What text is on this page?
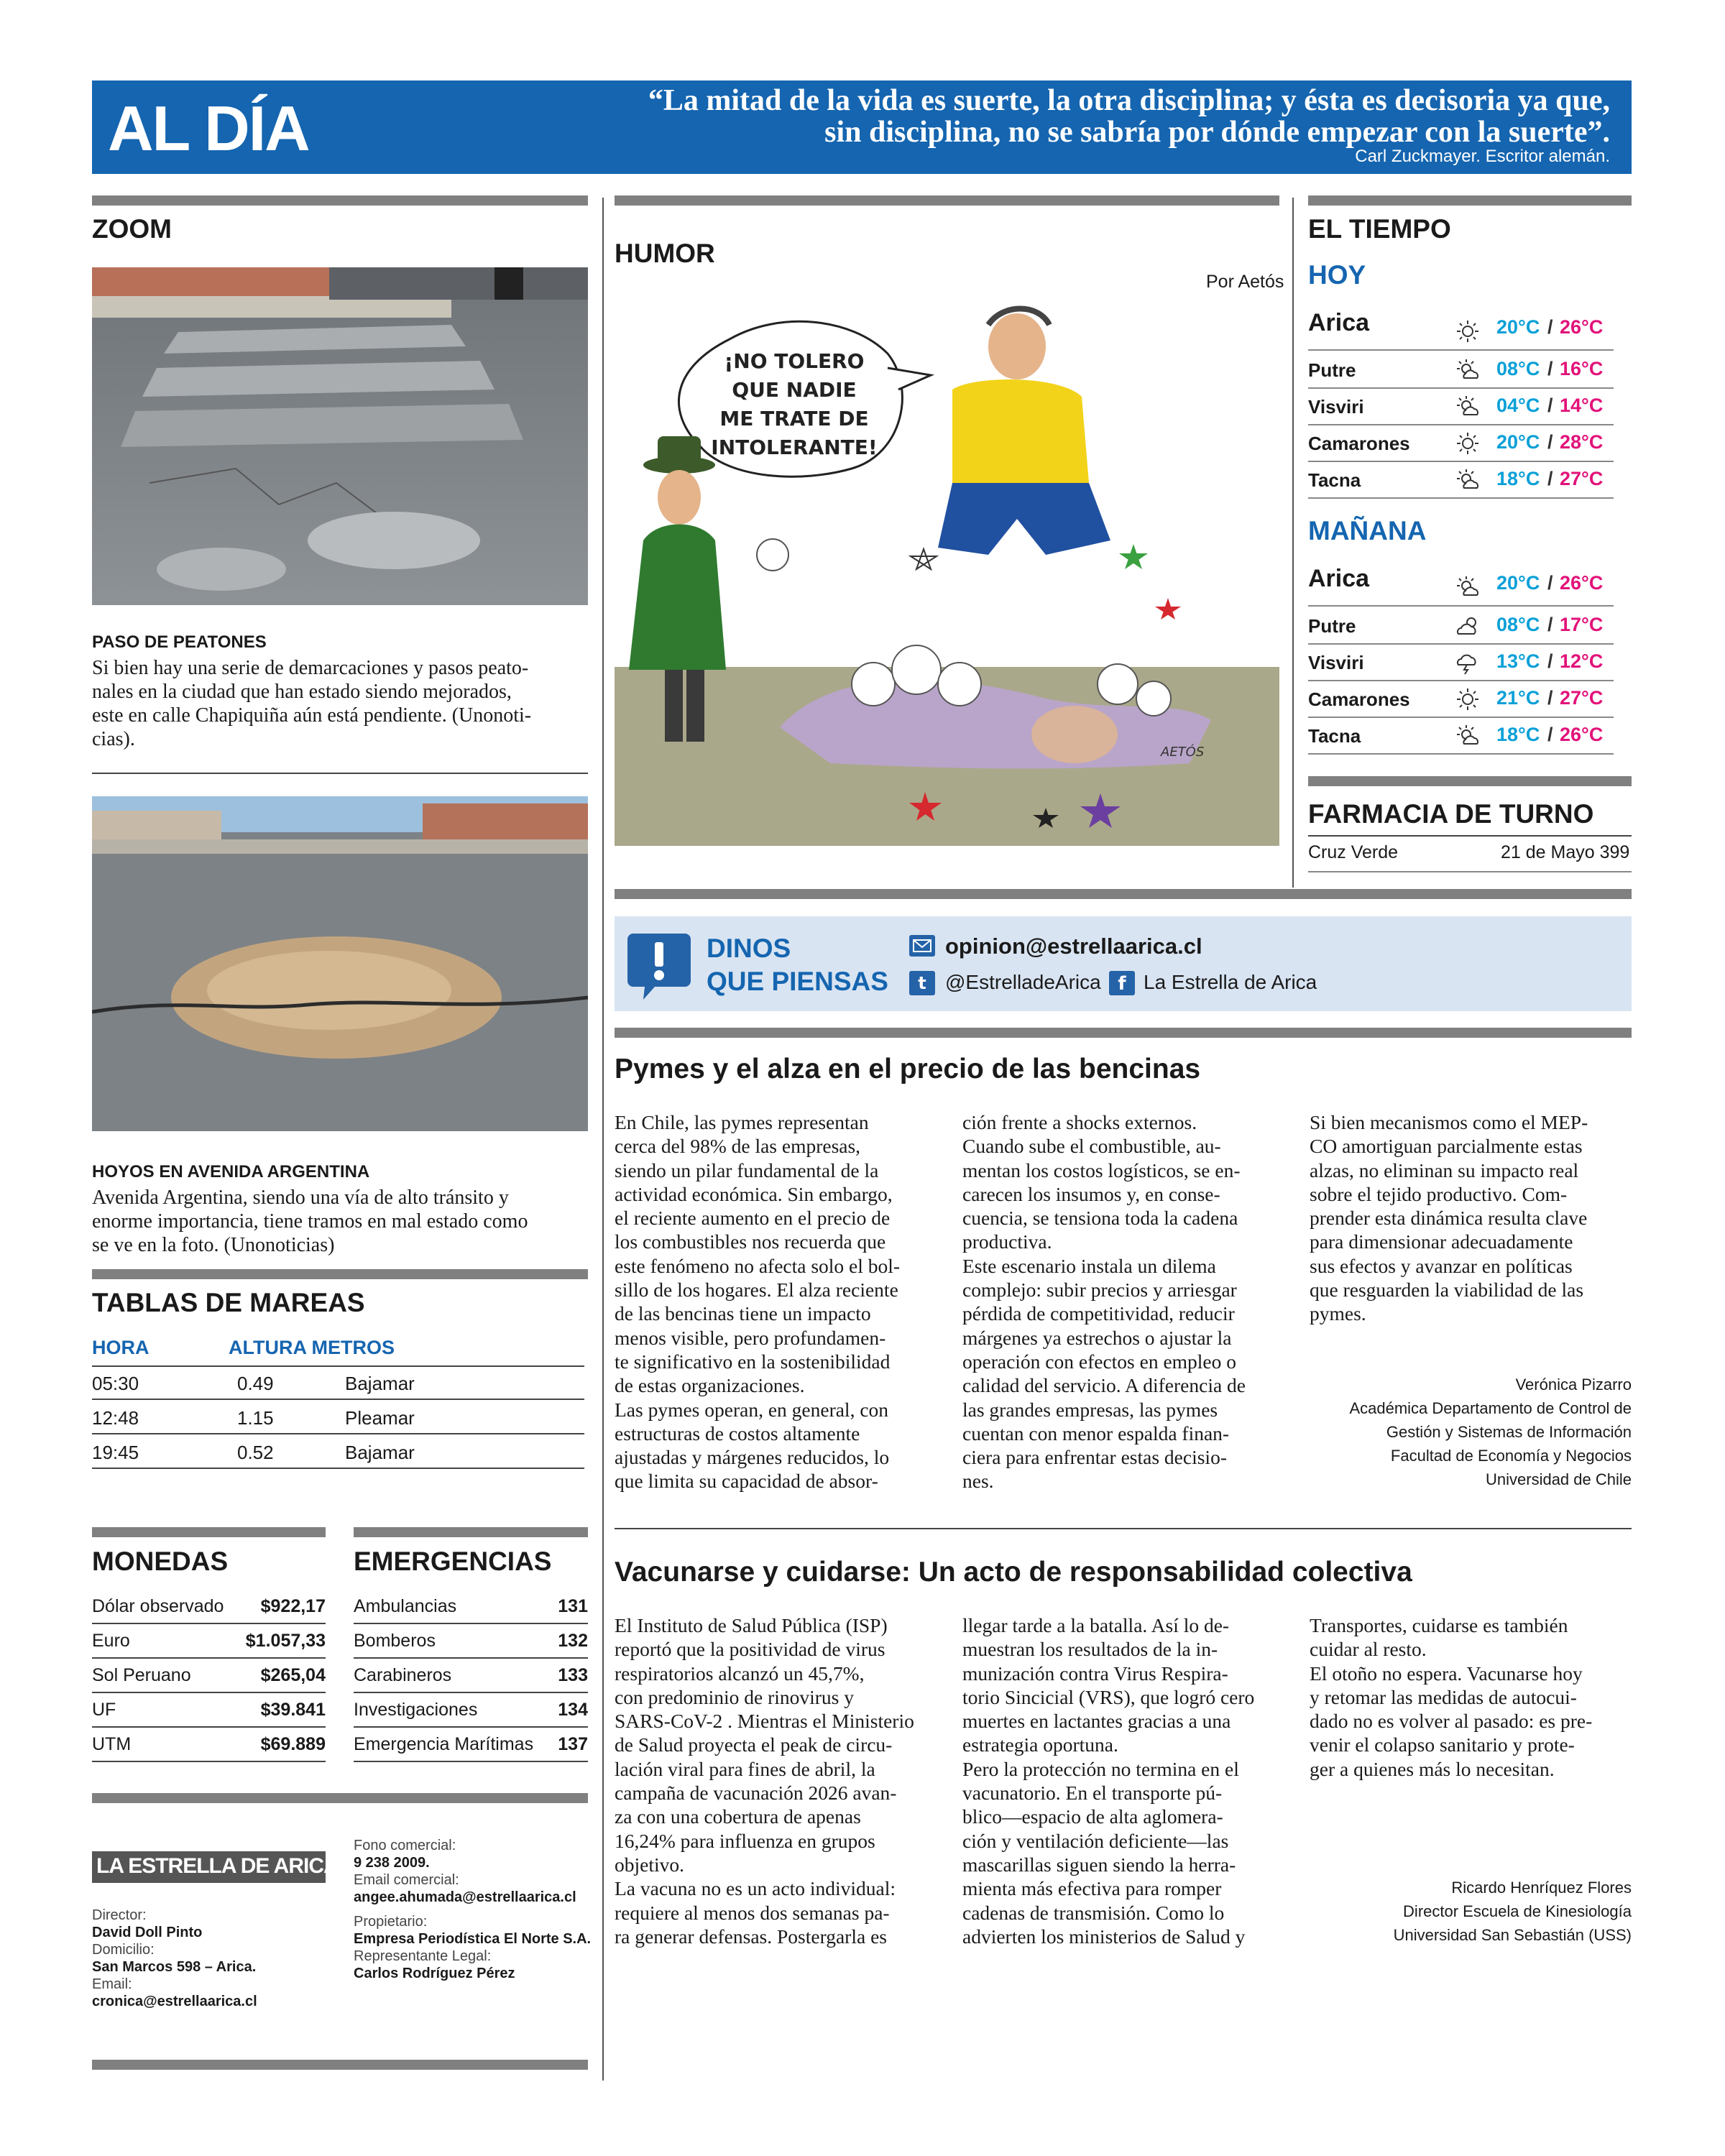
AL DÍA	“La mitad de la vida es suerte, la otra disciplina; y ésta es decisoria ya que,
sin disciplina, no se sabría por dónde empezar con la suerte”.
Carl Zuckmayer. Escritor alemán.
ZOOM
PASO DE PEATONES
Si bien hay una serie de demarcaciones y pasos peato-
nales en la ciudad que han estado siendo mejorados,
este en calle Chapiquiña aún está pendiente. (Unonoti-
cias).
HOYOS EN AVENIDA ARGENTINA
Avenida Argentina, siendo una vía de alto tránsito y
enorme importancia, tiene tramos en mal estado como
se ve en la foto. (Unonoticias)
TABLAS DE MAREAS
HORA	ALTURA METROS
05:30	0.49	Bajamar
12:48	1.15	Pleamar
19:45	0.52	Bajamar
MONEDAS
Dólar observado $922,17
Euro	$1.057,33
Sol Peruano	$265,04
UF	$39.841
UTM	$69.889
EMERGENCIAS
Ambulancias	131
Bomberos	132
Carabineros	133
Investigaciones	134
Emergencia Marítimas 137
LA ESTRELLA DE ARICA
Director:
David Doll Pinto
Domicilio:
San Marcos 598 – Arica.
Email:
cronica@estrellaarica.cl
Fono comercial:
9 238 2009.
Email comercial:
angee.ahumada@estrellaarica.cl
Propietario:
Empresa Periodística El Norte S.A.
Representante Legal:
Carlos Rodríguez Pérez
HUMOR
Por Aetós
¡NO TOLERO
QUE NADIE
ME TRATE DE
INTOLERANTE!
AETÓS
EL TIEMPO
HOY
Arica	20°C / 26°C
Putre	08°C / 16°C
Visviri	04°C / 14°C
Camarones	20°C / 28°C
Tacna	18°C / 27°C
MAÑANA
Arica	20°C / 26°C
Putre	08°C / 17°C
Visviri	13°C / 12°C
Camarones	21°C / 27°C
Tacna	18°C / 26°C
FARMACIA DE TURNO
Cruz Verde	21 de Mayo 399
DINOS
QUE PIENSAS
opinion@estrellaarica.cl
t @EstrelladeArica f La Estrella de Arica
Pymes y el alza en el precio de las bencinas
En Chile, las pymes representan
cerca del 98% de las empresas,
siendo un pilar fundamental de la
actividad económica. Sin embargo,
el reciente aumento en el precio de
los combustibles nos recuerda que
este fenómeno no afecta solo el bol-
sillo de los hogares. El alza reciente
de las bencinas tiene un impacto
menos visible, pero profundamen-
te significativo en la sostenibilidad
de estas organizaciones.
Las pymes operan, en general, con
estructuras de costos altamente
ajustadas y márgenes reducidos, lo
que limita su capacidad de absor-
ción frente a shocks externos.
Cuando sube el combustible, au-
mentan los costos logísticos, se en-
carecen los insumos y, en conse-
cuencia, se tensiona toda la cadena
productiva.
Este escenario instala un dilema
complejo: subir precios y arriesgar
pérdida de competitividad, reducir
márgenes ya estrechos o ajustar la
operación con efectos en empleo o
calidad del servicio. A diferencia de
las grandes empresas, las pymes
cuentan con menor espalda finan-
ciera para enfrentar estas decisio-
nes.
Si bien mecanismos como el MEP-
CO amortiguan parcialmente estas
alzas, no eliminan su impacto real
sobre el tejido productivo. Com-
prender esta dinámica resulta clave
para dimensionar adecuadamente
sus efectos y avanzar en políticas
que resguarden la viabilidad de las
pymes.
Verónica Pizarro
Académica Departamento de Control de
Gestión y Sistemas de Información
Facultad de Economía y Negocios
Universidad de Chile
Vacunarse y cuidarse: Un acto de responsabilidad colectiva
El Instituto de Salud Pública (ISP)
reportó que la positividad de virus
respiratorios alcanzó un 45,7%,
con predominio de rinovirus y
SARS-CoV-2 . Mientras el Ministerio
de Salud proyecta el peak de circu-
lación viral para fines de abril, la
campaña de vacunación 2026 avan-
za con una cobertura de apenas
16,24% para influenza en grupos
objetivo.
La vacuna no es un acto individual:
requiere al menos dos semanas pa-
ra generar defensas. Postergarla es
llegar tarde a la batalla. Así lo de-
muestran los resultados de la in-
munización contra Virus Respira-
torio Sincicial (VRS), que logró cero
muertes en lactantes gracias a una
estrategia oportuna.
Pero la protección no termina en el
vacunatorio. En el transporte pú-
blico—espacio de alta aglomera-
ción y ventilación deficiente—las
mascarillas siguen siendo la herra-
mienta más efectiva para romper
cadenas de transmisión. Como lo
advierten los ministerios de Salud y
Transportes, cuidarse es también
cuidar al resto.
El otoño no espera. Vacunarse hoy
y retomar las medidas de autocui-
dado no es volver al pasado: es pre-
venir el colapso sanitario y prote-
ger a quienes más lo necesitan.
Ricardo Henríquez Flores
Director Escuela de Kinesiología
Universidad San Sebastián (USS)
